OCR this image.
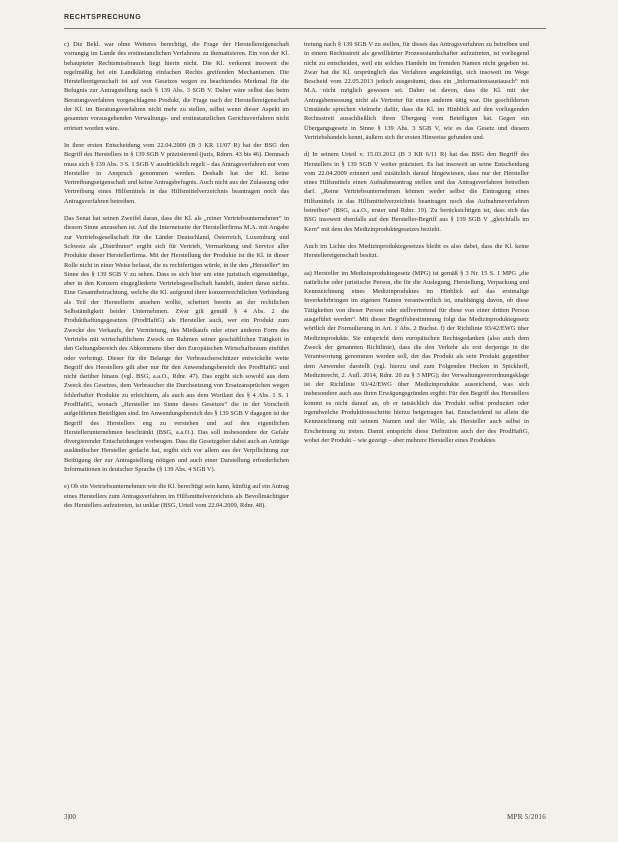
RECHTSPRECHUNG

c) Die Bekl. war ohne Weiteres berechtigt, die Frage der Herstellereigenschaft vorrangig im Lande des erstinstanzlichen Verfahrens zu thematisieren. Ein von der Kl. behaupteter Rechtsmissbrauch liegt hierin nicht. Die Kl. verkennt insoweit die regelmäßig bei ein Landkläring einfachen Rechts greifenden Mechanismen. Die Herstellereigenschaft ist auf von Gesetzes wegen zu beachtendes Merkmal für die Befugnis zur Antragstellung nach § 139 Abs. 3 SGB V. Daher wäre selbst das beim Beratungsverfahren vorgeschlagene Produkt, die Frage nach der Herstellereigenschaft der Kl. im Beratungsverfahren nicht mehr zu stellen, selbst wenn dieser Aspekt im gesamten vorausgehenden Verwaltungs- und erstinstanzlichen Gerichtsverfahren nicht erörtert worden wäre.

In ihrer ersten Entscheidung vom 22.04.2009 (B 3 KR 11/07 R) hat der BSG den Begriff des Herstellers in § 139 SGB V präzisierend (juris, Rdnrn. 43 bis 46). Demnach muss sich § 139 Abs. 3 S. 1 SGB V ausdrücklich regelt – das Antragsverfahren nur vom Hersteller in Anspruch genommen werden. Deshalb hat der Kl. keine Vertreibungseigenschaft und keine Antragsbefugnis. Auch nicht aus der Zulassung oder Vertreibung eines Hilfsmittels in das Hilfsmittelverzeichnis beantragen noch das Antragsverfahren betreiben.

Das Senat hat seinen Zweifel daran, dass die Kl. als „reiner Vertriebsunternehmer“ in diesem Sinne anzusehen ist. Auf die Internetseite der Herstellerfirma M.A. mit Angabe zur Vertriebsgesellschaft für die Länder Deutschland, Österreich, Luxemburg und Schweiz als „Distributor“ ergibt sich für Vertrieb, Vermarktung und Service aller Produkte dieser Herstellerfirma. Mit der Herstellung der Produkte ist die Kl. in dieser Rolle nicht in einer Weise befasst, die es rechtfertigen würde, in ihr den „Hersteller“ im Sinne des § 139 SGB V zu sehen. Dass es sich hier um eine juristisch eigenständige, aber in den Konzern eingegliederte Vertriebsgesellschaft handelt, ändert daran nichts. Eine Gesamtbetrachtung, welche die Kl. aufgrund ihrer konzernrechtlichen Verbindung als Teil der Herstellerin ansehen wollte, scheitert bereits an der rechtlichen Selbständigkeit beider Unternehmen. Zwar gilt gemäß § 4 Abs. 2 die Produkthaftungsgesetzes (ProdHaftG) als Hersteller auch, wer ein Produkt zum Zwecke des Verkaufs, der Vermietung, des Mietkaufs oder einer anderen Form des Vertriebs mit wirtschaftlichem Zweck im Rahmen seiner geschäftlichen Tätigkeit in den Geltungsbereich des Abkommens über den Europäischen Wirtschaftsraum einführt oder verbringt. Dieser für die Belange der Verbraucherschützer entwickelte weite Begriff des Herstellers gilt aber nur für den Anwendungsbereich des ProdHaftG und nicht darüber hinaus (vgl. BSG, a.a.O., Rdnr. 47). Das ergibt sich sowohl aus dem Zweck des Gesetzes, dem Verbraucher die Durchsetzung von Ersatzansprüchen wegen fehlerhafter Produkte zu erleichtern, als auch aus dem Wortlaut des § 4 Abs. 1 S. 1 ProdHaftG, wonach „Hersteller im Sinne dieses Gesetzes“ die in der Vorschrift aufgeführten Beteiligten sind. Im Anwendungsbereich des § 139 SGB V dagegen ist der Begriff des Herstellers eng zu verstehen und auf den eigentlichen Herstellerunternehmen beschränkt (BSG, a.a.O.). Das soll insbesondere der Gefahr divergierender Entscheidungen vorbeugen. Dass die Gesetzgeber dabei auch an Anträge ausländischer Hersteller gedacht hat, ergibt sich vor allem aus der Verpflichtung zur Beifügung der zur Antragstellung nötigen und auch einer Darstellung erforderlichen Informationen in deutscher Sprache (§ 139 Abs. 4 SGB V).

e) Ob ein Vertriebsunternehmen wie die Kl. berechtigt sein kann, künftig auf ein Antrag eines Herstellers zum Antragsverfahren im Hilfsmittelverzeichnis als Bevollmächtigter des Herstellers aufzutreten, ist unklar (BSG, Urteil vom 22.04.2009, Rdnr. 48).

tretung nach § 139 SGB V zu stellen, für dieses das Antragsverfahren zu betreiben und in einem Rechtsstreit als gewillkürter Prozessstandschafter aufzutreten, ist vorliegend nicht zu entscheiden, weil ein solches Handeln im fremden Namen nicht gegeben ist. Zwar hat die Kl. ursprünglich das Verfahren angekündigt, sich insoweit im Wege Bescheid vom 22.05.2013 jedoch ausgeräumt, dass ein „Informationsaustausch“ mit M.A. nicht möglich gewesen sei. Daher ist davon, dass die Kl. mit der Antragsbemessung nicht als Vertreter für einen anderen tätig war. Die geschilderten Umstände sprechen vielmehr dafür, dass die Kl. im Hinblick auf den vorliegenden Rechtsstreit ausschließlich ihren Übergang vom Beteiligten hat. Gegen ein Übergangsgesetz in Sinne § 139 Abs. 3 SGB V, wie es das Gesetz und diesem Vertriebshandels kennt, äußern sich ihr ersten Hinweise gefunden und.

d) In seinem Urteil v. 15.03.2012 (B 3 KR 6/11 R) hat das BSG den Begriff des Herstellers in § 139 SGB V weiter präzisiert. Es hat insoweit an seine Entscheidung vom 22.04.2009 erinnert und zusätzlich darauf hingewiesen, dass nur der Hersteller eines Hilfsmittels einen Aufnahmeantrag stellen und das Antragsverfahren betreiben darf. „Reine Vertriebsunternehmen können weder selbst die Eintragung eines Hilfsmittels in das Hilfsmittelverzeichnis beantragen noch das Aufnahmeverfahren betreiben“ (BSG, a.a.O., erster und Rdnr. 19). Zu berücksichtigen ist, dass sich das BSG insoweit ebenfalls auf den Hersteller-Begriff aus § 139 SGB V „gleichfalls im Kern“ mit dem des Medizinproduktegesetzes bezieht.

Auch im Lichte des Medizinproduktegesetzes bleibt es also dabei, dass die Kl. keine Herstellereigenschaft besitzt.

aa) Hersteller im Medizinproduktegesetz (MPG) ist gemäß § 3 Nr. 15 S. 1 MPG „die natürliche oder juristische Person, die für die Auslegung, Herstellung, Verpackung und Kennzeichnung eines Medizinproduktes im Hinblick auf das erstmalige Inverkehrbringen im eigenen Namen verantwortlich ist, unabhängig davon, ob diese Tätigkeiten von dieser Person oder stellvertretend für diese von einer dritten Person ausgeführt werden“. Mit dieser Begriffsbestimmung folgt das Medizinproduktegesetz wörtlich der Formulierung in Art. 1 Abs. 2 Buchst. f) der Richtlinie 93/42/EWG über Medizinprodukte. Sie entspricht dem europäischen Rechtsgedanken (also auch dem Zweck der genannten Richtlinie), dass die den Verkehr als erst derjenige in die Verantwortung genommen werden soll, der das Produkt als sein Produkt gegenüber dem Anwender darstellt (vgl. hierzu und zum Folgenden Hecken in Spickhoff, Medizinrecht, 2. Aufl. 2014, Rdnr. 20 zu § 3 MPG); der Verwaltungsverordnungsklage ist der Richtlinie 93/42/EWG über Medizinprodukte ausreichend, was sich insbesondere auch aus ihren Erwägungsgründen ergibt: Für den Begriff des Herstellers kommt es nicht darauf an, ob er tatsächlich das Produkt selbst produziert oder irgendwelche Produktionsschritte hierzu beigetragen hat. Entscheidend ist allein die Kennzeichnung mit seinem Namen und der Wille, als Hersteller auch selbst in Erscheinung zu treten. Damit entspricht diese Definition auch der des ProdHaftG, wobei der Produkt – wie gezeigt – aber mehrere Hersteller eines Produktes

3|00	MPR 5/2016
